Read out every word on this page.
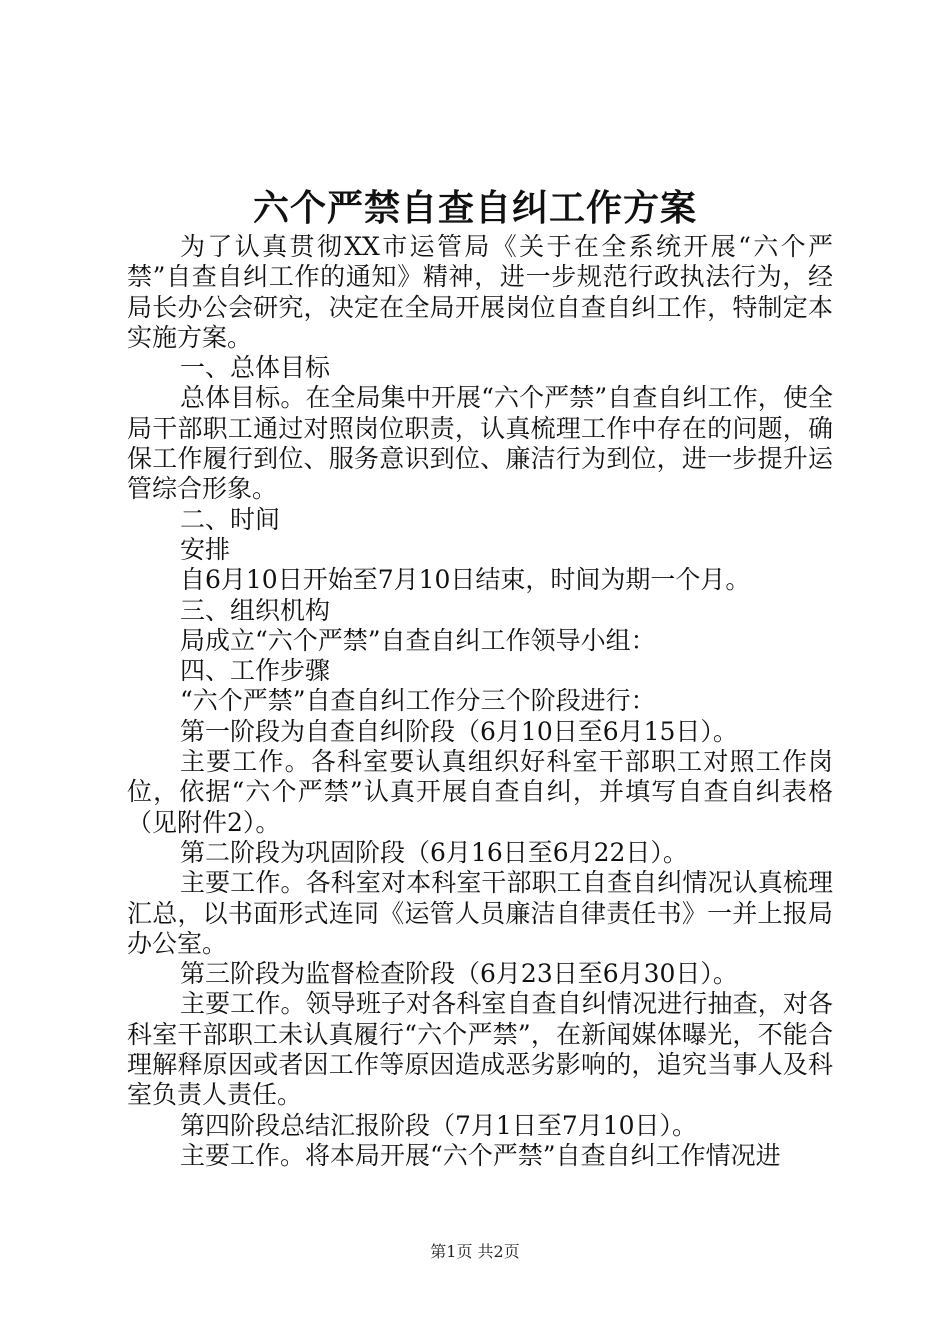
六个严禁自查自纠工作方案

为了认真贯彻XX市运管局《关于在全系统开展“六个严禁”自查自纠工作的通知》精神，进一步规范行政执法行为，经局长办公会研究，决定在全局开展岗位自查自纠工作，特制定本实施方案。

一、总体目标

总体目标。在全局集中开展“六个严禁”自查自纠工作，使全局干部职工通过对照岗位职责，认真梳理工作中存在的问题，确保工作履行到位、服务意识到位、廉洁行为到位，进一步提升运管综合形象。

二、时间

安排

自6月10日开始至7月10日结束，时间为期一个月。

三、组织机构

局成立“六个严禁”自查自纠工作领导小组：

四、工作步骤

“六个严禁”自查自纠工作分三个阶段进行：

第一阶段为自查自纠阶段（6月10日至6月15日）。

主要工作。各科室要认真组织好科室干部职工对照工作岗位，依据“六个严禁”认真开展自查自纠，并填写自查自纠表格（见附件2）。

第二阶段为巩固阶段（6月16日至6月22日）。

主要工作。各科室对本科室干部职工自查自纠情况认真梳理汇总，以书面形式连同《运管人员廉洁自律责任书》一并上报局办公室。

第三阶段为监督检查阶段（6月23日至6月30日）。

主要工作。领导班子对各科室自查自纠情况进行抽查，对各科室干部职工未认真履行“六个严禁”，在新闻媒体曝光，不能合理解释原因或者因工作等原因造成恶劣影响的，追究当事人及科室负责人责任。

第四阶段总结汇报阶段（7月1日至7月10日）。

主要工作。将本局开展“六个严禁”自查自纠工作情况进

第1页 共2页
